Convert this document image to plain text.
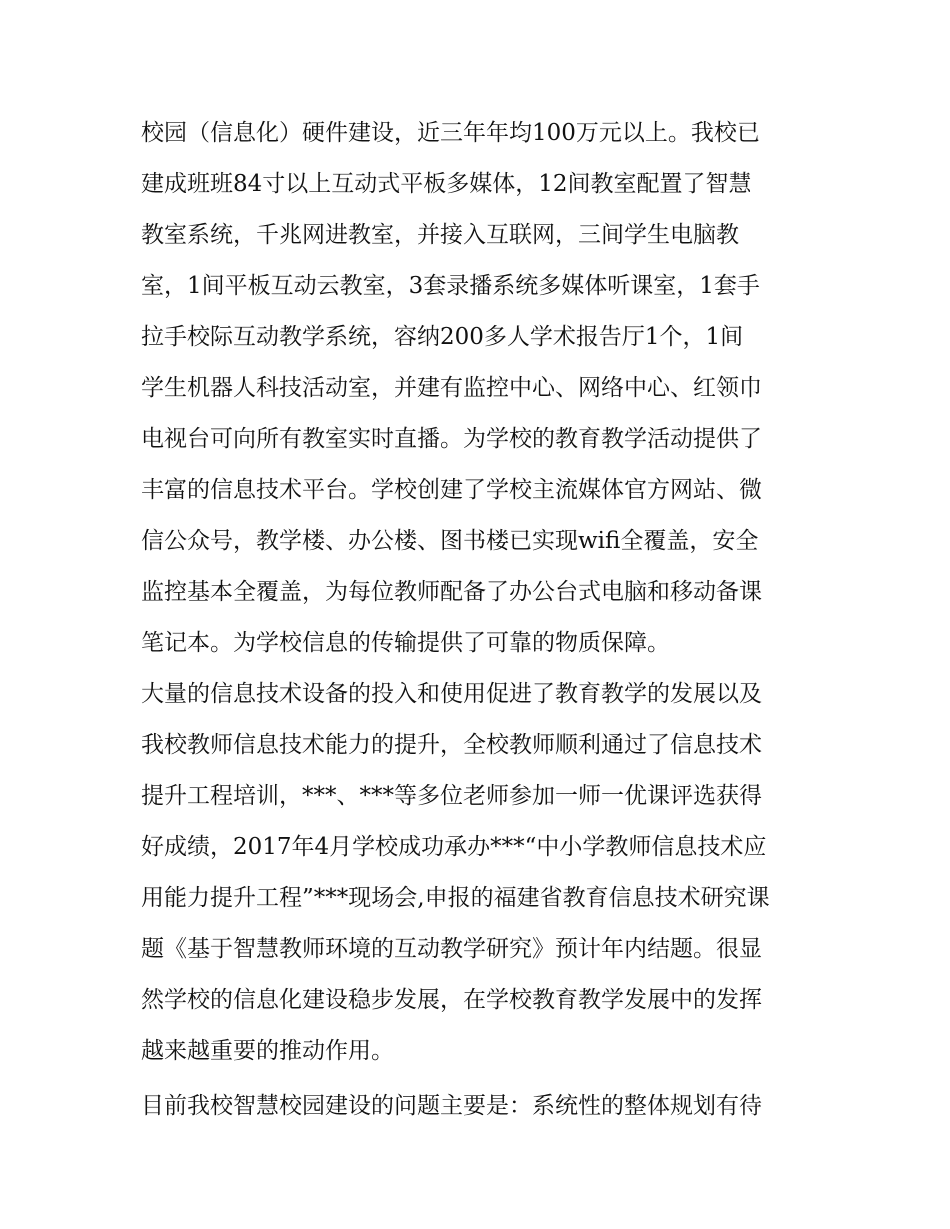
校园（信息化）硬件建设，近三年年均100万元以上。我校已
建成班班84寸以上互动式平板多媒体，12间教室配置了智慧
教室系统，千兆网进教室，并接入互联网，三间学生电脑教
室，1间平板互动云教室，3套录播系统多媒体听课室，1套手
拉手校际互动教学系统，容纳200多人学术报告厅1个，1间
学生机器人科技活动室，并建有监控中心、网络中心、红领巾
电视台可向所有教室实时直播。为学校的教育教学活动提供了
丰富的信息技术平台。学校创建了学校主流媒体官方网站、微
信公众号，教学楼、办公楼、图书楼已实现wifi全覆盖，安全
监控基本全覆盖，为每位教师配备了办公台式电脑和移动备课
笔记本。为学校信息的传输提供了可靠的物质保障。
大量的信息技术设备的投入和使用促进了教育教学的发展以及
我校教师信息技术能力的提升，全校教师顺利通过了信息技术
提升工程培训，***、***等多位老师参加一师一优课评选获得
好成绩，2017年4月学校成功承办***“中小学教师信息技术应
用能力提升工程”***现场会,申报的福建省教育信息技术研究课
题《基于智慧教师环境的互动教学研究》预计年内结题。很显
然学校的信息化建设稳步发展，在学校教育教学发展中的发挥
越来越重要的推动作用。
目前我校智慧校园建设的问题主要是：系统性的整体规划有待
